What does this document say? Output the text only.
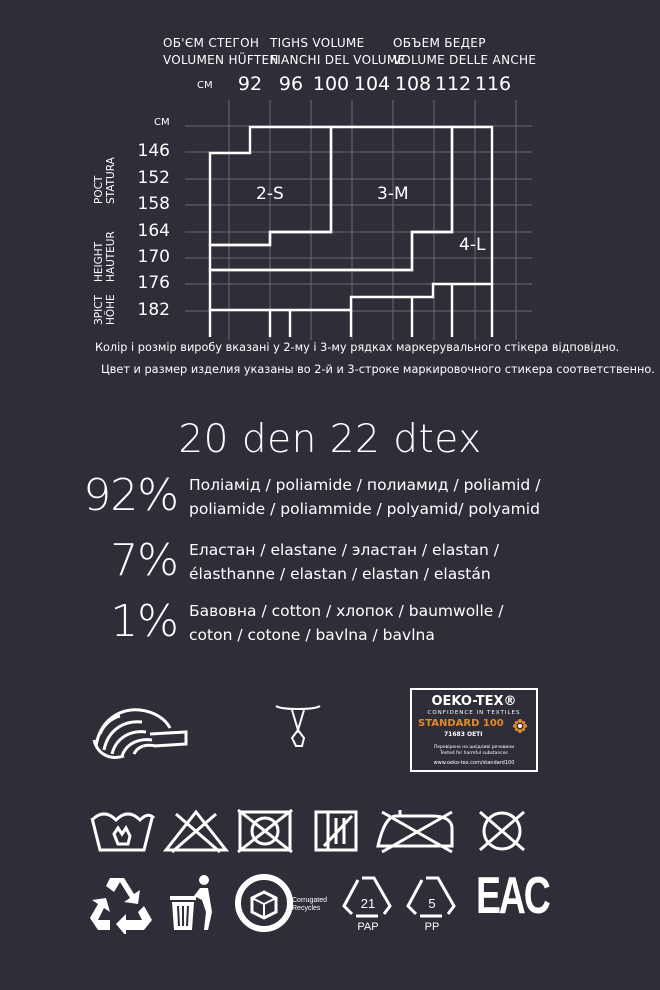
ОБ'ЄМ СТЕГОН
VOLUMEN HÜFTEN
TIGHS VOLUME
FIANCHI DEL VOLUME
ОБЪЕМ БЕДЕР
VOLUME DELLE ANCHE
СМ	92 96 100 104 108 112 116
СМ
146
152
158
164
170
176
182
РОСТ
STATURA
HEIGHT
HAUTEUR
ЗРІСТ
HÖHE
2-S	3-M
4-L
Колір і розмір виробу вказані у 2-му і 3-му рядках маркерувального стікера відповідно.
Цвет и размер изделия указаны во 2-й и 3-строке маркировочного стикера соответственно.
20 den 22 dtex
92% Поліамід / poliamide / полиамид / poliamid /
poliamide / poliammide / polyamid/ polyamid
7% Еластан / elastane / эластан / elastan /
élasthanne / elastan / elastan / elastán
1% Бавовна / cotton / хлопок / baumwolle /
coton / cotone / bavlna / bavlna
OEKO-TEX®
CONFIDENCE IN TEXTILES
STANDARD 100
71683 OETI
Перевірено на шкідливі речовини
Tested for harmful substances
www.oeko-tex.com/standard100
Corrugated
Recycles	21
PAP
5
PP
EAC
